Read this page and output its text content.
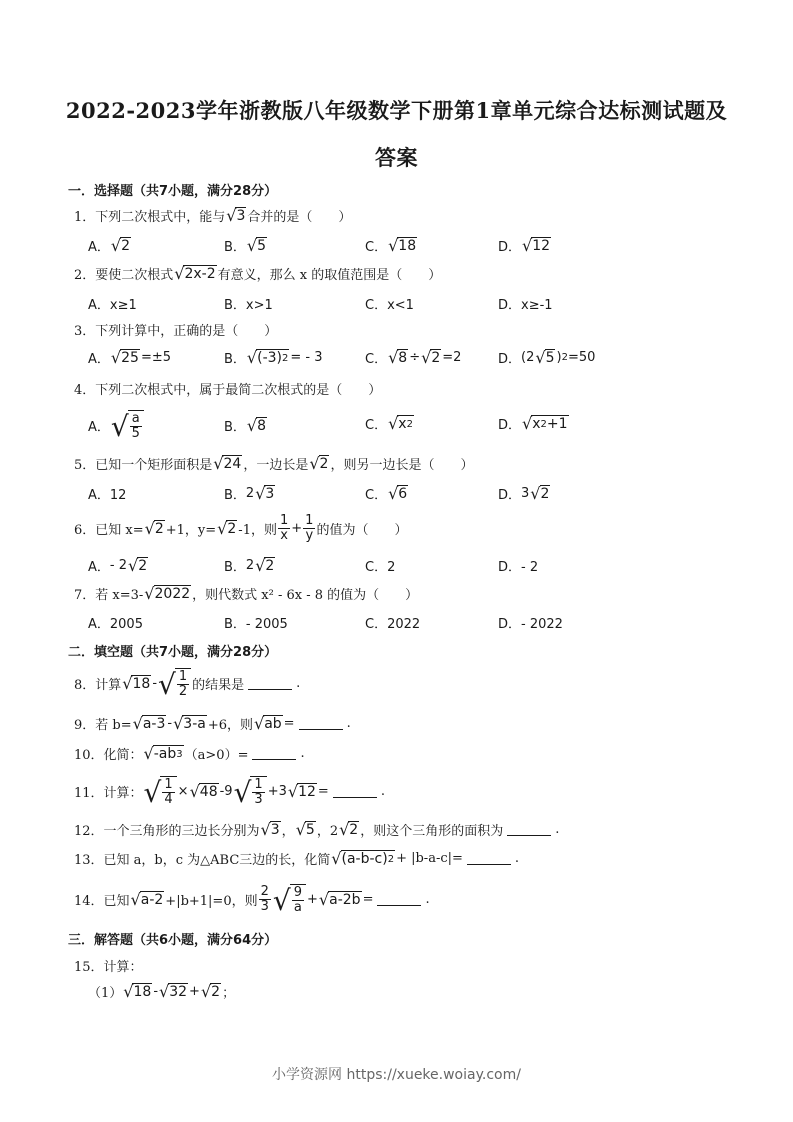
2022-2023学年浙教版八年级数学下册第1章单元综合达标测试题及
答案
一．选择题（共7小题，满分28分）
1．下列二次根式中，能与 √ 3 合并的是（　　）
A． √ 2	B． √ 5	C． √ 18	D． √ 12
2．要使二次根式 √ 2x-2 有意义，那么 x 的取值范围是（　　）
A．x≥1	B．x>1	C．x<1	D．x≥-1
3．下列计算中，正确的是（　　）
A． √ 25 =±5	B． √ (-3) 2 = - 3	C． √ 8 ÷ √ 2 =2	D． (2 √ 5 ) 2 =50
4．下列二次根式中，属于最简二次根式的是（　　）
A． √ $\frac{a}{5}$	B． √ 8	C． √ x 2	D． √ x 2 +1
5．已知一个矩形面积是 √ 24 ，一边长是 √ 2 ，则另一边长是（　　）
A．12	B． 2 √ 3	C． √ 6	D． 3 √ 2
6．已知 x= √ 2 +1，y= √ 2 -1，则 $\frac{1}{x} + \frac{1}{y}$ 的值为（　　）
A． - 2 √ 2	B． 2 √ 2	C．2	D．- 2
7．若 x=3- √ 2022 ，则代数式 x² - 6x - 8 的值为（　　）
A．2005	B．- 2005	C．2022	D．- 2022
二．填空题（共7小题，满分28分）
8．计算 √ 18 - √ $\frac{1}{2}$ 的结果是	.
9．若 b= √ a-3 - √ 3-a +6，则 √ ab =	.
10．化简： √ -ab 3 （a>0）=	.
11．计算： √ $\frac{1}{4}$ × √ 48 -9 √ $\frac{1}{3} +3$ √ 12 =	.
12．一个三角形的三边长分别为 √ 3 ， √ 5 ，2 √ 2 ，则这个三角形的面积为	.
13．已知 a，b，c 为△ABC三边的长，化简 √ (a-b-c) 2 + |b-a-c|=	.
14．已知 √ a-2 +|b+1|=0，则 $\frac{2}{3}$ √ $\frac{9}{a}$ + √ a-2b =	.
三．解答题（共6小题，满分64分）
15．计算：
（1） √ 18 - √ 32 + √ 2 ；
小学资源网 https://xueke.woiay.com/
